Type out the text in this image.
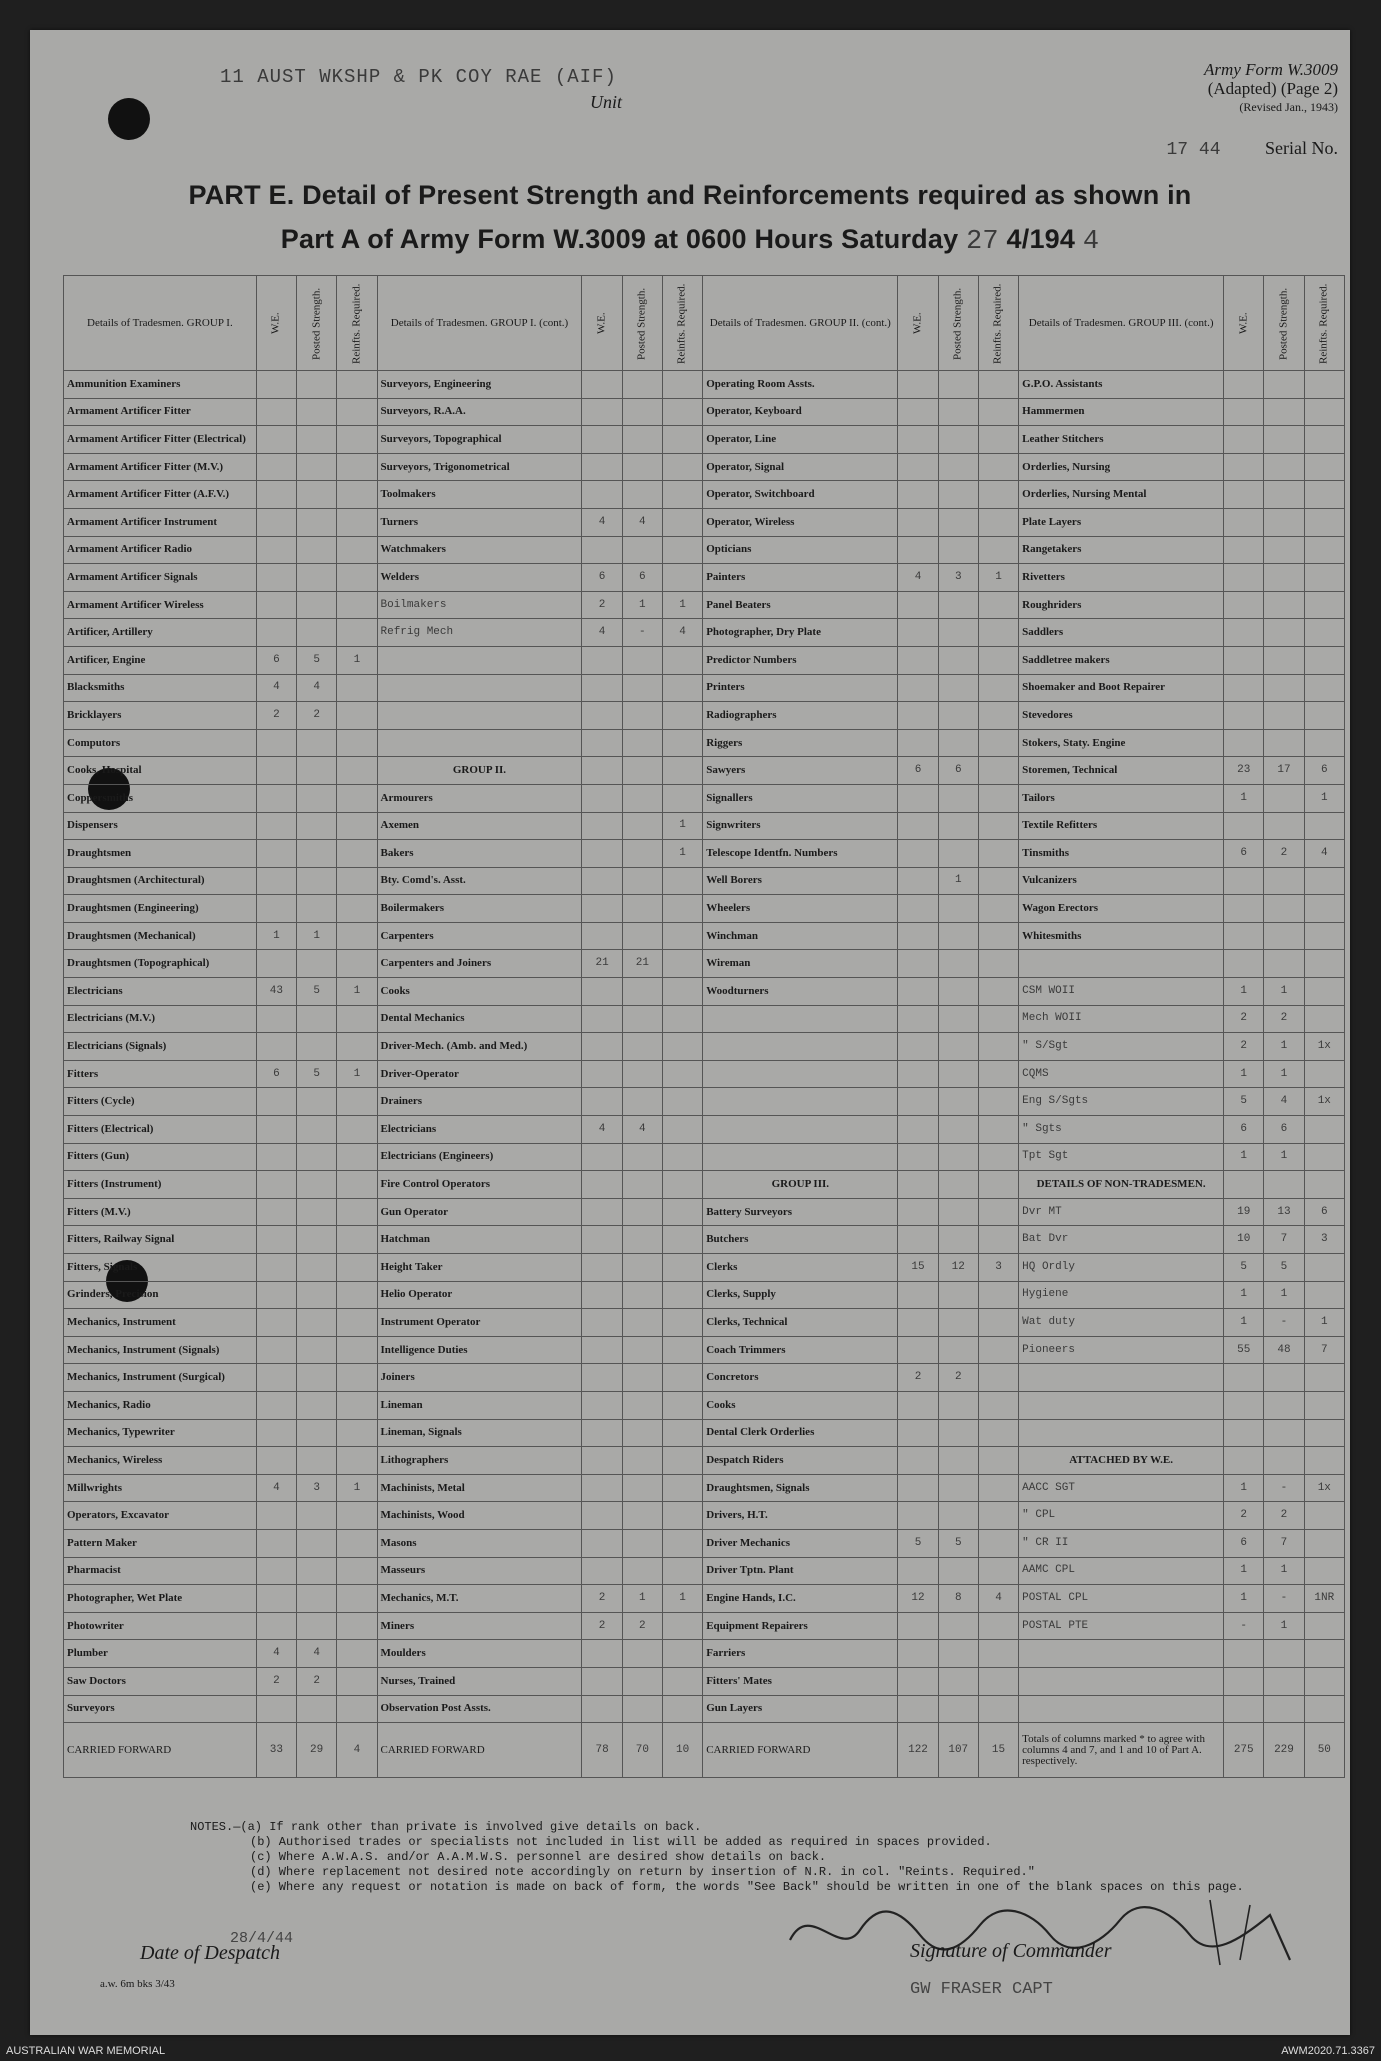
11 AUST WKSHP & PK COY RAE (AIF)
Unit
Army Form W.3009
(Adapted) (Page 2)
(Revised Jan., 1943)
17 44 Serial No.
PART E. Detail of Present Strength and Reinforcements required as shown in
Part A of Army Form W.3009 at 0600 Hours Saturday 27 4/194 4
Details of Tradesmen. GROUP I.	W.E.	Posted Strength.	Reinfts. Required.	Details of Tradesmen. GROUP I. (cont.)	W.E.	Posted Strength.	Reinfts. Required.	Details of Tradesmen. GROUP II. (cont.)	W.E.	Posted Strength.	Reinfts. Required.	Details of Tradesmen. GROUP III. (cont.)	W.E.	Posted Strength.	Reinfts. Required.
Ammunition Examiners				Surveyors, Engineering				Operating Room Assts.				G.P.O. Assistants			
Armament Artificer Fitter				Surveyors, R.A.A.				Operator, Keyboard				Hammermen			
Armament Artificer Fitter (Electrical)				Surveyors, Topographical				Operator, Line				Leather Stitchers			
Armament Artificer Fitter (M.V.)				Surveyors, Trigonometrical				Operator, Signal				Orderlies, Nursing			
Armament Artificer Fitter (A.F.V.)				Toolmakers				Operator, Switchboard				Orderlies, Nursing Mental			
Armament Artificer Instrument				Turners	4	4		Operator, Wireless				Plate Layers			
Armament Artificer Radio				Watchmakers				Opticians				Rangetakers			
Armament Artificer Signals				Welders	6	6		Painters	4	3	1	Rivetters			
Armament Artificer Wireless				Boilmakers	2	1	1	Panel Beaters				Roughriders			
Artificer, Artillery				Refrig Mech	4	-	4	Photographer, Dry Plate				Saddlers			
Artificer, Engine	6	5	1					Predictor Numbers				Saddletree makers			
Blacksmiths	4	4						Printers				Shoemaker and Boot Repairer			
Bricklayers	2	2						Radiographers				Stevedores			
Computors								Riggers				Stokers, Staty. Engine			
Cooks, Hospital				GROUP II.				Sawyers	6	6		Storemen, Technical	23	17	6
Coppersmiths				Armourers				Signallers				Tailors	1		1
Dispensers				Axemen			1	Signwriters				Textile Refitters			
Draughtsmen				Bakers			1	Telescope Identfn. Numbers				Tinsmiths	6	2	4
Draughtsmen (Architectural)				Bty. Comd's. Asst.				Well Borers		1		Vulcanizers			
Draughtsmen (Engineering)				Boilermakers				Wheelers				Wagon Erectors			
Draughtsmen (Mechanical)	1	1		Carpenters				Winchman				Whitesmiths			
Draughtsmen (Topographical)				Carpenters and Joiners	21	21		Wireman							
Electricians	43	5	1	Cooks				Woodturners				CSM WOII	1	1	
Electricians (M.V.)				Dental Mechanics								Mech WOII	2	2	
Electricians (Signals)				Driver-Mech. (Amb. and Med.)								" S/Sgt	2	1	1x
Fitters	6	5	1	Driver-Operator								CQMS	1	1	
Fitters (Cycle)				Drainers								Eng S/Sgts	5	4	1x
Fitters (Electrical)				Electricians	4	4						" Sgts	6	6	
Fitters (Gun)				Electricians (Engineers)								Tpt Sgt	1	1	
Fitters (Instrument)				Fire Control Operators				GROUP III.				DETAILS OF NON-TRADESMEN.			
Fitters (M.V.)				Gun Operator				Battery Surveyors				Dvr MT	19	13	6
Fitters, Railway Signal				Hatchman				Butchers				Bat Dvr	10	7	3
Fitters, Signals				Height Taker				Clerks	15	12	3	HQ Ordly	5	5	
Grinders, Precision				Helio Operator				Clerks, Supply				Hygiene	1	1	
Mechanics, Instrument				Instrument Operator				Clerks, Technical				Wat duty	1	-	1
Mechanics, Instrument (Signals)				Intelligence Duties				Coach Trimmers				Pioneers	55	48	7
Mechanics, Instrument (Surgical)				Joiners				Concretors	2	2					
Mechanics, Radio				Lineman				Cooks							
Mechanics, Typewriter				Lineman, Signals				Dental Clerk Orderlies							
Mechanics, Wireless				Lithographers				Despatch Riders				ATTACHED BY W.E.			
Millwrights	4	3	1	Machinists, Metal				Draughtsmen, Signals				AACC SGT	1	-	1x
Operators, Excavator				Machinists, Wood				Drivers, H.T.				" CPL	2	2	
Pattern Maker				Masons				Driver Mechanics	5	5		" CR II	6	7	
Pharmacist				Masseurs				Driver Tptn. Plant				AAMC CPL	1	1	
Photographer, Wet Plate				Mechanics, M.T.	2	1	1	Engine Hands, I.C.	12	8	4	POSTAL CPL	1	-	1NR
Photowriter				Miners	2	2		Equipment Repairers				POSTAL PTE	-	1	
Plumber	4	4		Moulders				Farriers							
Saw Doctors	2	2		Nurses, Trained				Fitters' Mates							
Surveyors				Observation Post Assts.				Gun Layers							
CARRIED FORWARD	33	29	4	CARRIED FORWARD	78	70	10	CARRIED FORWARD	122	107	15	Totals of columns marked * to agree with columns 4 and 7, and 1 and 10 of Part A. respectively.	275	229	50
NOTES.—(a) If rank other than private is involved give details on back.
(b) Authorised trades or specialists not included in list will be added as required in spaces provided.
(c) Where A.W.A.S. and/or A.A.M.W.S. personnel are desired show details on back.
(d) Where replacement not desired note accordingly on return by insertion of N.R. in col. "Reints. Required."
(e) Where any request or notation is made on back of form, the words "See Back" should be written in one of the blank spaces on this page.
28/4/44
Date of Despatch
a.w. 6m bks 3/43
Signature of Commander
GW FRASER CAPT
AUSTRALIAN WAR MEMORIAL	AWM2020.71.3367
